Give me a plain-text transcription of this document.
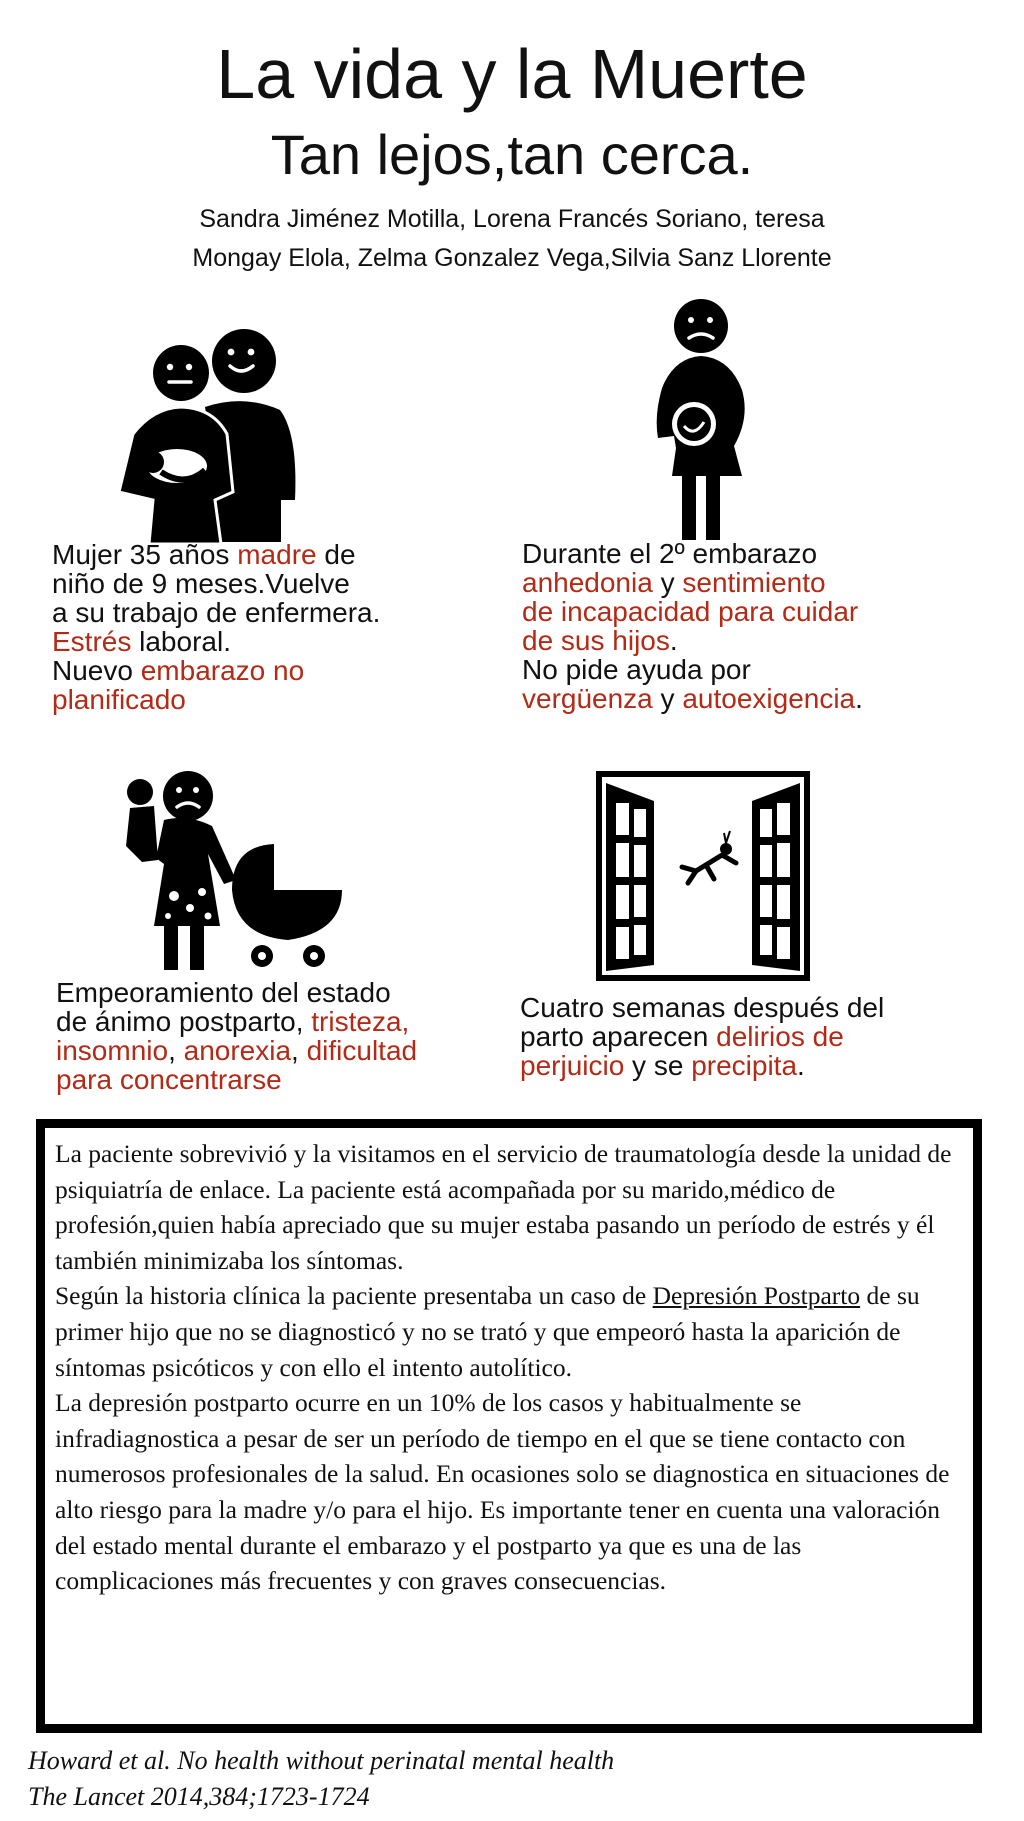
La vida y la Muerte
Tan lejos,tan cerca.
Sandra Jiménez Motilla, Lorena Francés Soriano, teresa
Mongay Elola, Zelma Gonzalez Vega,Silvia Sanz Llorente
Mujer 35 años madre de
niño de 9 meses.Vuelve
a su trabajo de enfermera.
Estrés laboral.
Nuevo embarazo no
planificado
Durante el 2º embarazo
anhedonia y sentimiento
de incapacidad para cuidar
de sus hijos.
No pide ayuda por
vergüenza y autoexigencia.
Empeoramiento del estado
de ánimo postparto, tristeza,
insomnio, anorexia, dificultad
para concentrarse
Cuatro semanas después del
parto aparecen delirios de
perjuicio y se precipita.

La paciente sobrevivió y la visitamos en el servicio de traumatología desde la unidad de psiquiatría de enlace. La paciente está acompañada por su marido,médico de profesión,quien había apreciado que su mujer estaba pasando un período de estrés y él también minimizaba los síntomas.

Según la historia clínica la paciente presentaba un caso de Depresión Postparto de su primer hijo que no se diagnosticó y no se trató y que empeoró hasta la aparición de síntomas psicóticos y con ello el intento autolítico.

La depresión postparto ocurre en un 10% de los casos y habitualmente se infradiagnostica a pesar de ser un período de tiempo en el que se tiene contacto con numerosos profesionales de la salud. En ocasiones solo se diagnostica en situaciones de alto riesgo para la madre y/o para el hijo. Es importante tener en cuenta una valoración del estado mental durante el embarazo y el postparto ya que es una de las complicaciones más frecuentes y con graves consecuencias.

Howard et al. No health without perinatal mental health
The Lancet 2014,384;1723-1724
